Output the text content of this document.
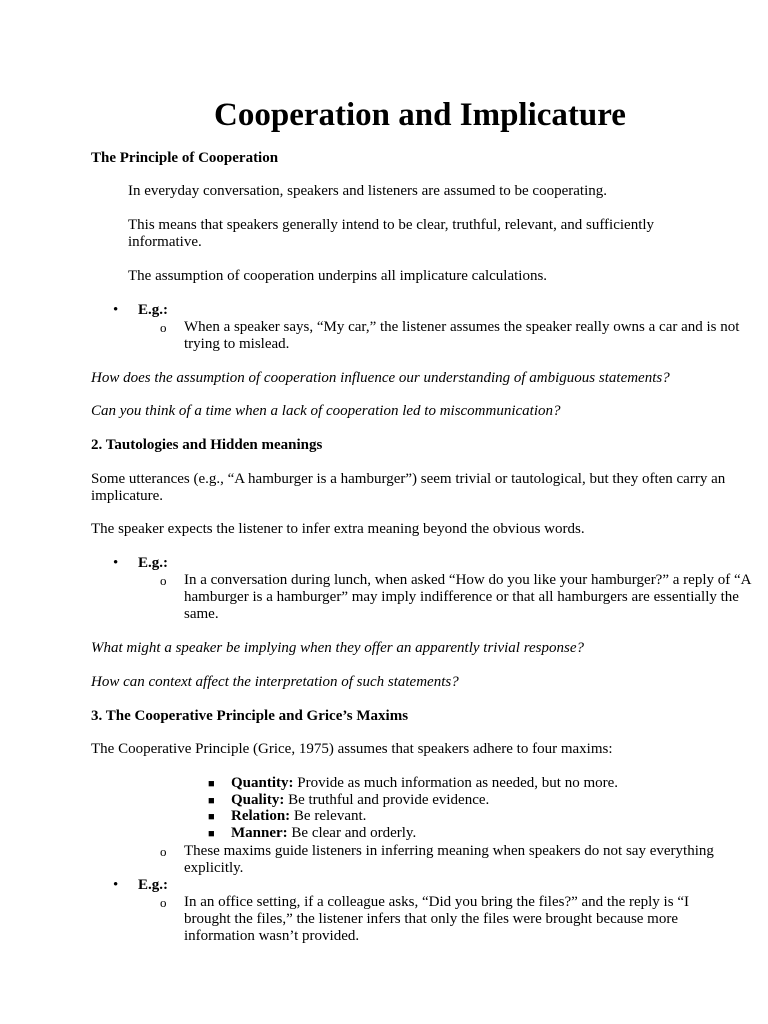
Cooperation and Implicature
The Principle of Cooperation
In everyday conversation, speakers and listeners are assumed to be cooperating.
This means that speakers generally intend to be clear, truthful, relevant, and sufficiently informative.
The assumption of cooperation underpins all implicature calculations.
• E.g.:
o When a speaker says, “My car,” the listener assumes the speaker really owns a car and is not trying to mislead.
How does the assumption of cooperation influence our understanding of ambiguous statements?
Can you think of a time when a lack of cooperation led to miscommunication?
2. Tautologies and Hidden meanings
Some utterances (e.g., “A hamburger is a hamburger”) seem trivial or tautological, but they often carry an implicature.
The speaker expects the listener to infer extra meaning beyond the obvious words.
• E.g.:
o In a conversation during lunch, when asked “How do you like your hamburger?” a reply of “A hamburger is a hamburger” may imply indifference or that all hamburgers are essentially the same.
What might a speaker be implying when they offer an apparently trivial response?
How can context affect the interpretation of such statements?
3. The Cooperative Principle and Grice’s Maxims
The Cooperative Principle (Grice, 1975) assumes that speakers adhere to four maxims:
■ Quantity: Provide as much information as needed, but no more.
■ Quality: Be truthful and provide evidence.
■ Relation: Be relevant.
■ Manner: Be clear and orderly.
o These maxims guide listeners in inferring meaning when speakers do not say everything explicitly.
• E.g.:
o In an office setting, if a colleague asks, “Did you bring the files?” and the reply is “I brought the files,” the listener infers that only the files were brought because more information wasn’t provided.
